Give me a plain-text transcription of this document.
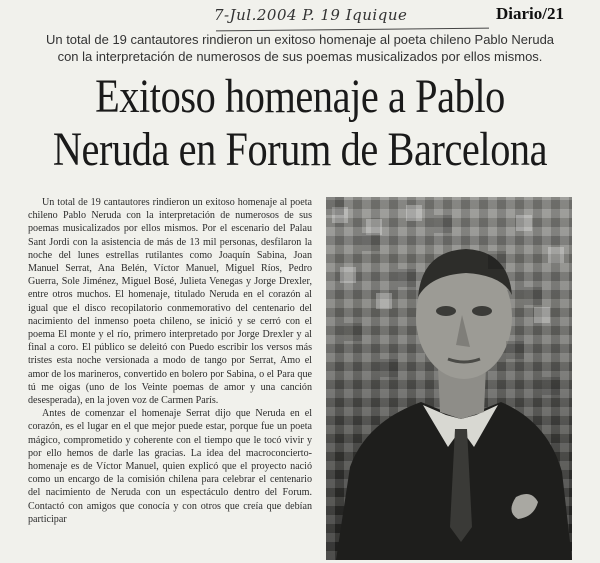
7-Jul.2004 P. 19 Iquique	Diario/21

Un total de 19 cantautores rindieron un exitoso homenaje al poeta chileno Pablo Neruda

con la interpretación de numerosos de sus poemas musicalizados por ellos mismos.

Exitoso homenaje a Pablo

Neruda en Forum de Barcelona

Un total de 19 cantautores rindieron un exitoso homenaje al poeta chileno Pablo Neruda con la interpretación de numerosos de sus poemas musicalizados por ellos mismos. Por el escenario del Palau Sant Jordi con la asistencia de más de 13 mil personas, desfilaron la noche del lunes estrellas rutilantes como Joaquín Sabina, Joan Manuel Serrat, Ana Belén, Víctor Manuel, Miguel Ríos, Pedro Guerra, Sole Jiménez, Miguel Bosé, Julieta Venegas y Jorge Drexler, entre otros muchos. El homenaje, titulado Neruda en el corazón al igual que el disco recopilatorio conmemorativo del centenario del nacimiento del inmenso poeta chileno, se inició y se cerró con el poema El monte y el río, primero interpretado por Jorge Drexler y al final a coro. El público se deleitó con Puedo escribir los versos más tristes esta noche versionada a modo de tango por Serrat, Amo el amor de los marineros, convertido en bolero por Sabina, o el Para que tú me oigas (uno de los Veinte poemas de amor y una canción desesperada), en la joven voz de Carmen París.

Antes de comenzar el homenaje Serrat dijo que Neruda en el corazón, es el lugar en el que mejor puede estar, porque fue un poeta mágico, comprometido y coherente con el tiempo que le tocó vivir y por ello hemos de darle las gracias. La idea del macroconcierto-homenaje es de Víctor Manuel, quien explicó que el proyecto nació como un encargo de la comisión chilena para celebrar el centenario del nacimiento de Neruda con un espectáculo dentro del Forum. Contactó con amigos que conocía y con otros que creía que debían participar
